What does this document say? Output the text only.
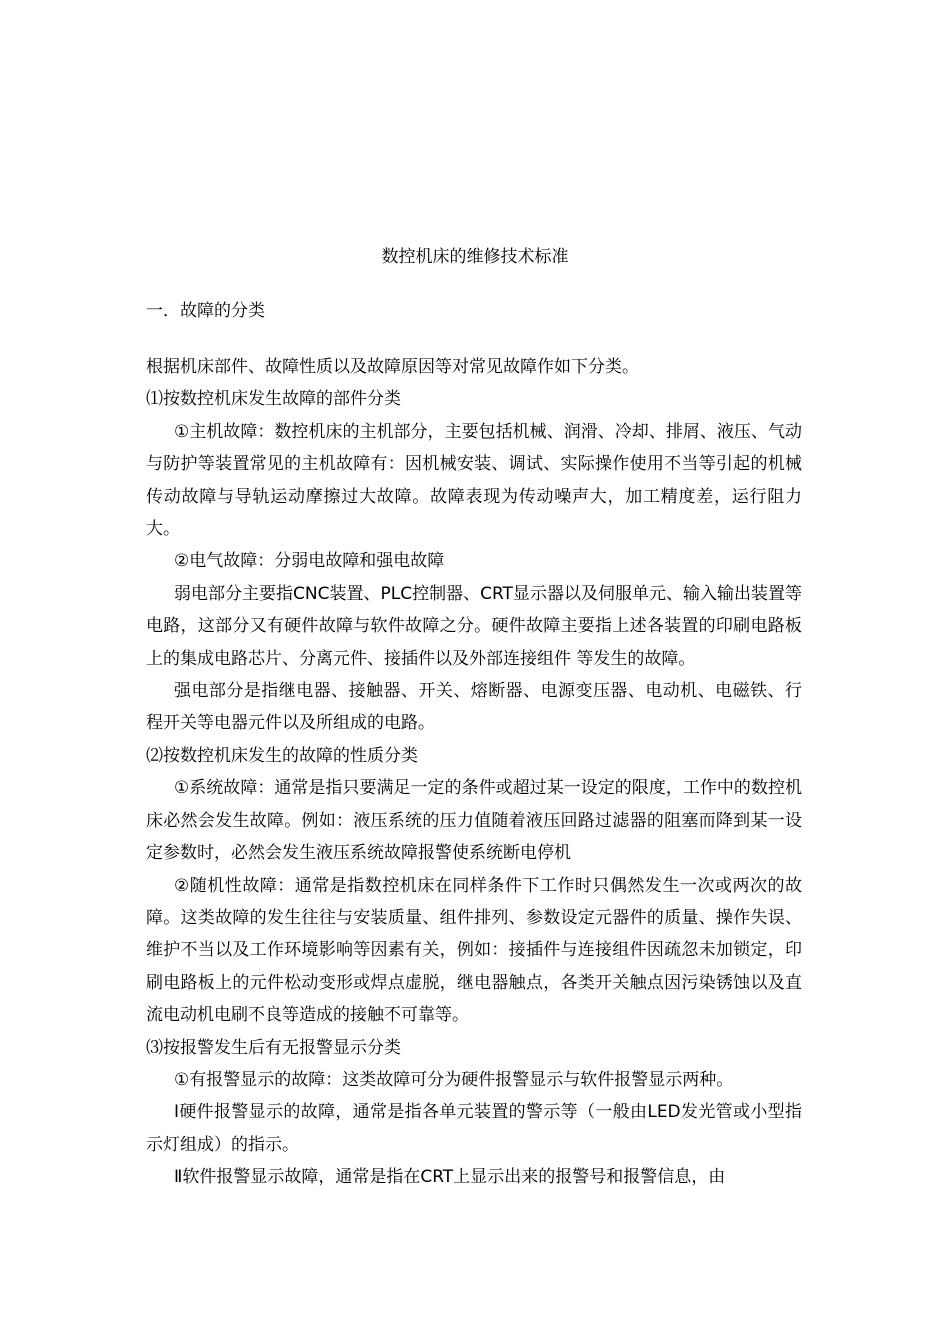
数控机床的维修技术标准
一．故障的分类

根据机床部件、故障性质以及故障原因等对常见故障作如下分类。

⑴按数控机床发生故障的部件分类

①主机故障：数控机床的主机部分，主要包括机械、润滑、冷却、排屑、液压、气动与防护等装置常见的主机故障有：因机械安装、调试、实际操作使用不当等引起的机械传动故障与导轨运动摩擦过大故障。故障表现为传动噪声大，加工精度差，运行阻力大。

②电气故障：分弱电故障和强电故障

弱电部分主要指CNC装置、PLC控制器、CRT显示器以及伺服单元、输入输出装置等电路，这部分又有硬件故障与软件故障之分。硬件故障主要指上述各装置的印刷电路板上的集成电路芯片、分离元件、接插件以及外部连接组件 等发生的故障。

强电部分是指继电器、接触器、开关、熔断器、电源变压器、电动机、电磁铁、行程开关等电器元件以及所组成的电路。

⑵按数控机床发生的故障的性质分类

①系统故障：通常是指只要满足一定的条件或超过某一设定的限度，工作中的数控机床必然会发生故障。例如：液压系统的压力值随着液压回路过滤器的阻塞而降到某一设定参数时，必然会发生液压系统故障报警使系统断电停机

②随机性故障：通常是指数控机床在同样条件下工作时只偶然发生一次或两次的故障。这类故障的发生往往与安装质量、组件排列、参数设定元器件的质量、操作失误、维护不当以及工作环境影响等因素有关，例如：接插件与连接组件因疏忽未加锁定，印刷电路板上的元件松动变形或焊点虚脱，继电器触点，各类开关触点因污染锈蚀以及直流电动机电刷不良等造成的接触不可靠等。

⑶按报警发生后有无报警显示分类

①有报警显示的故障：这类故障可分为硬件报警显示与软件报警显示两种。

Ⅰ硬件报警显示的故障，通常是指各单元装置的警示等（一般由LED发光管或小型指示灯组成）的指示。

Ⅱ软件报警显示故障，通常是指在CRT上显示出来的报警号和报警信息，由
